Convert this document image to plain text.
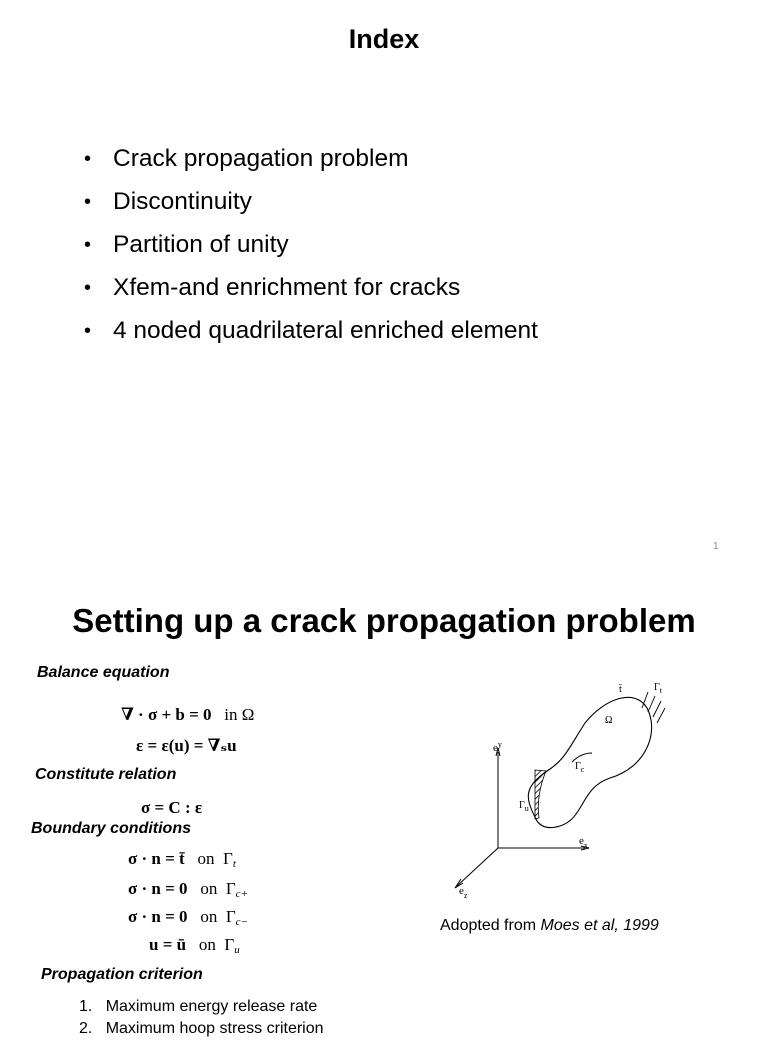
Index
• Crack propagation problem
• Discontinuity
• Partition of unity
• Xfem-and enrichment for cracks
• 4 noded quadrilateral enriched element
1
Setting up a crack propagation problem
Balance equation
∇ · σ + b = 0 in Ω
ε = ε(u) = ∇ₛu
Constitute relation
σ = C : ε
Boundary conditions
σ · n = t̄ on Γt
σ · n = 0 on Γc+
σ · n = 0 on Γc−
u = ū on Γu
Propagation criterion
1. Maximum energy release rate
2. Maximum hoop stress criterion
$e^y$
$e_x$
$e_z$
Ω
$\Gamma_c$
$\Gamma_u$
$\Gamma_t$
t̄
Adopted from Moes et al, 1999
